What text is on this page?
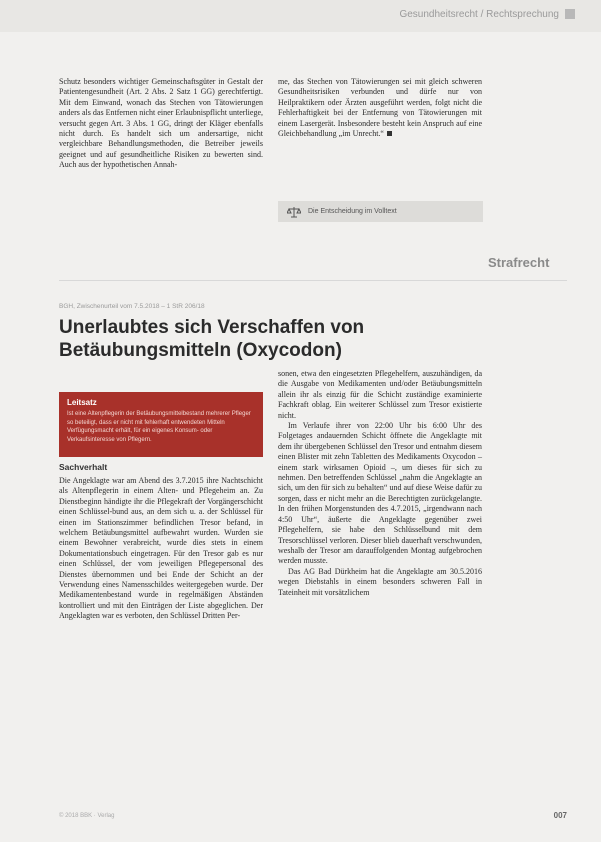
Gesundheitsrecht / Rechtsprechung

Schutz besonders wichtiger Gemeinschaftsgüter in Gestalt der Patientengesundheit (Art. 2 Abs. 2 Satz 1 GG) gerechtfertigt. Mit dem Einwand, wonach das Stechen von Tätowierungen anders als das Entfernen nicht einer Erlaubnispflicht unterliege, versucht gegen Art. 3 Abs. 1 GG, dringt der Kläger ebenfalls nicht durch. Es handelt sich um andersartige, nicht vergleichbare Behandlungsmethoden, die Betreiber jeweils geeignet und auf gesundheitliche Risiken zu bewerten sind. Auch aus der hypothetischen Annah-

me, das Stechen von Tätowierungen sei mit gleich schweren Gesundheitsrisiken verbunden und dürfe nur von Heilpraktikern oder Ärzten ausgeführt werden, folgt nicht die Fehlerhaftigkeit bei der Entfernung von Tätowierungen mit einem Lasergerät. Insbesondere besteht kein Anspruch auf eine Gleichbehandlung „im Unrecht.“

Die Entscheidung im Volltext
Strafrecht
BGH, Zwischenurteil vom 7.5.2018 – 1 StR 206/18
Unerlaubtes sich Verschaffen von Betäubungsmitteln (Oxycodon)
Leitsatz
Ist eine Altenpflegerin der Betäubungsmittelbestand mehrerer Pfleger so beteiligt, dass er nicht mit fehlerhaft entwendeten Mitteln Verfügungsmacht erhält, für ein eigenes Konsum- oder Verkaufsinteresse von Pflegern.
Sachverhalt

Die Angeklagte war am Abend des 3.7.2015 ihre Nachtschicht als Altenpflegerin in einem Alten- und Pflegeheim an. Zu Dienstbeginn händigte ihr die Pflegekraft der Vorgängerschicht einen Schlüssel-bund aus, an dem sich u. a. der Schlüssel für einen im Stationszimmer befindlichen Tresor befand, in welchem Betäubungsmittel aufbewahrt wurden. Wurden sie einem Bewohner verabreicht, wurde dies stets in einem Dokumentationsbuch eingetragen. Für den Tresor gab es nur einen Schlüssel, der vom jeweiligen Pflegepersonal des Dienstes übernommen und bei Ende der Schicht an der Verwendung eines Namensschildes weitergegeben wurde. Der Medikamentenbestand wurde in regelmäßigen Abständen kontrolliert und mit den Einträgen der Liste abgeglichen. Der Angeklagten war es verboten, den Schlüssel Dritten Per-

sonen, etwa den eingesetzten Pflegehelfern, auszuhändigen, da die Ausgabe von Medikamenten und/oder Betäubungsmitteln allein ihr als einzig für die Schicht zuständige examinierte Fachkraft oblag. Ein weiterer Schlüssel zum Tresor existierte nicht.

Im Verlaufe ihrer von 22:00 Uhr bis 6:00 Uhr des Folgetages andauernden Schicht öffnete die Angeklagte mit dem ihr übergebenen Schlüssel den Tresor und entnahm diesem einen Blister mit zehn Tabletten des Medikaments Oxycodon – einem stark wirksamen Opioid –, um dieses für sich zu nehmen. Den betreffenden Schlüssel „nahm die Angeklagte an sich, um den für sich zu behalten“ und auf diese Weise dafür zu sorgen, dass er nicht mehr an die Berechtigten zurückgelangte. In den frühen Morgenstunden des 4.7.2015, „irgendwann nach 4:50 Uhr“, äußerte die Angeklagte gegenüber zwei Pflegehelfern, sie habe den Schlüsselbund mit dem Tresorschlüssel verloren. Dieser blieb dauerhaft verschwunden, weshalb der Tresor am darauffolgenden Montag aufgebrochen werden musste.

Das AG Bad Dürkheim hat die Angeklagte am 30.5.2016 wegen Diebstahls in einem besonders schweren Fall in Tateinheit mit vorsätzlichem

© 2018 BBK · Verlag	007
